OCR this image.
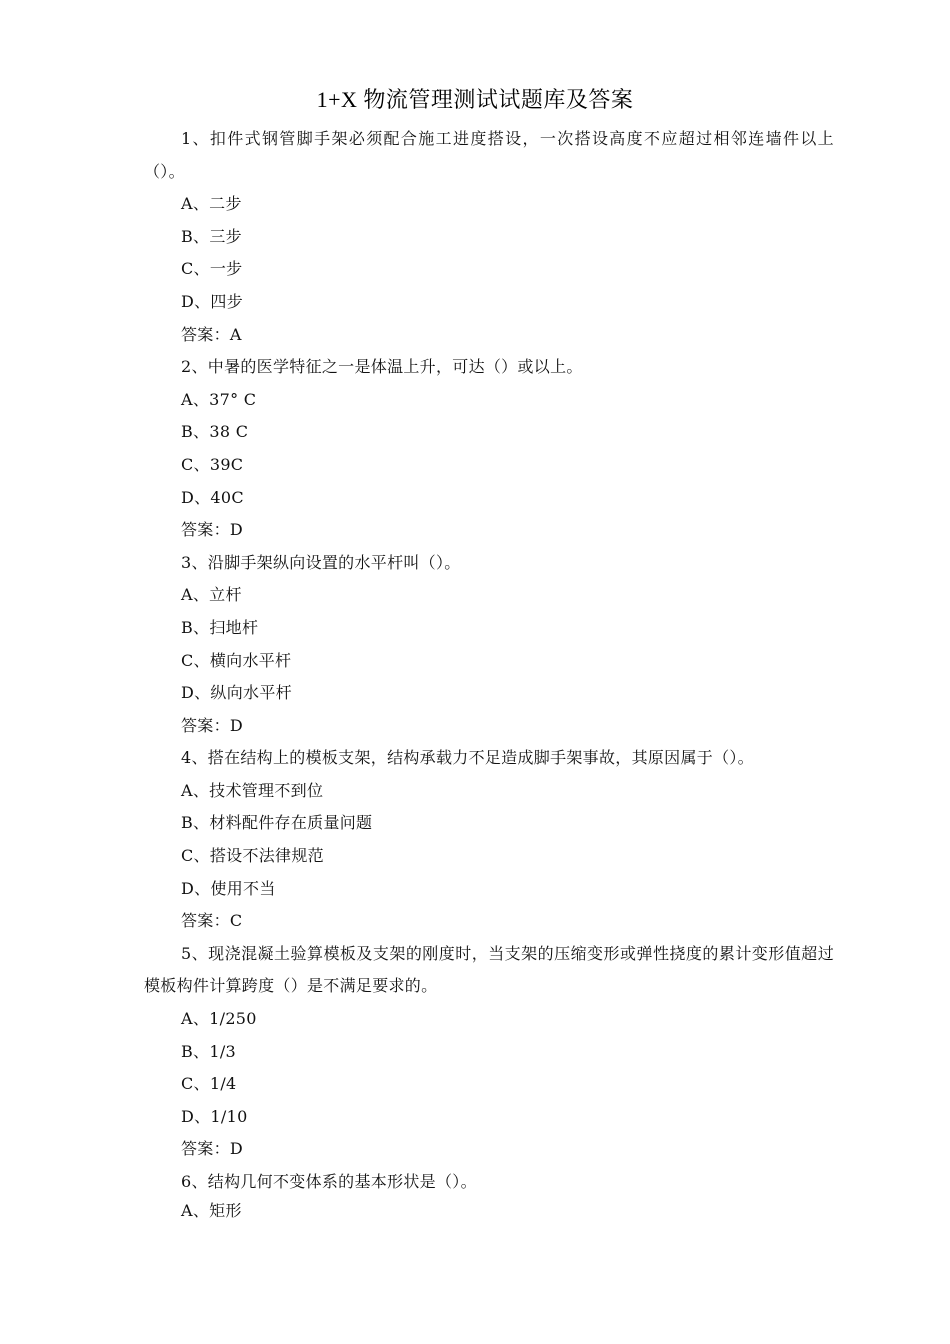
1+X 物流管理测试试题库及答案

1、扣件式钢管脚手架必须配合施工进度搭设，一次搭设高度不应超过相邻连墙件以上（）。

A、二步

B、三步

C、一步

D、四步

答案：A

2、中暑的医学特征之一是体温上升，可达（）或以上。

A、37° C

B、38 C

C、39C

D、40C

答案：D

3、沿脚手架纵向设置的水平杆叫（）。

A、立杆

B、扫地杆

C、横向水平杆

D、纵向水平杆

答案：D

4、搭在结构上的模板支架，结构承载力不足造成脚手架事故，其原因属于（）。

A、技术管理不到位

B、材料配件存在质量问题

C、搭设不法律规范

D、使用不当

答案：C

5、现浇混凝土验算模板及支架的刚度时，当支架的压缩变形或弹性挠度的累计变形值超过模板构件计算跨度（）是不满足要求的。

A、1/250

B、1/3

C、1/4

D、1/10

答案：D

6、结构几何不变体系的基本形状是（）。

A、矩形
